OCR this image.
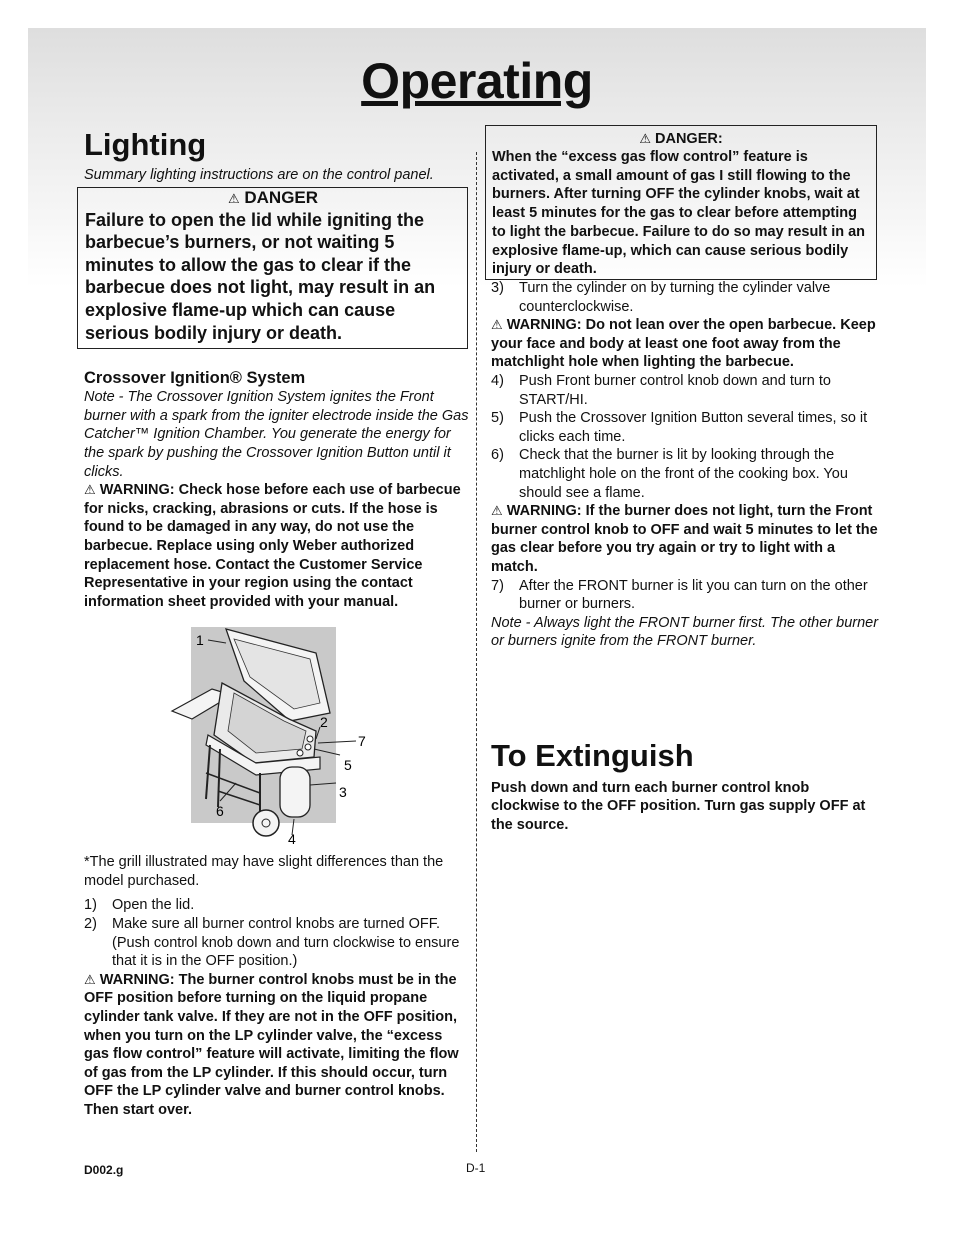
Operating
Lighting

Summary lighting instructions are on the control panel.

⚠ DANGER
Failure to open the lid while igniting the barbecue’s burners, or not waiting 5 minutes to allow the gas to clear if the barbecue does not light, may result in an explosive flame-up which can cause serious bodily injury or death.
Crossover Ignition® System

Note - The Crossover Ignition System ignites the Front burner with a spark from the igniter electrode inside the Gas Catcher™ Ignition Chamber. You generate the energy for the spark by pushing the Crossover Ignition Button until it clicks.

⚠ WARNING: Check hose before each use of barbecue for nicks, cracking, abrasions or cuts. If the hose is found to be damaged in any way, do not use the barbecue. Replace using only Weber authorized replacement hose. Contact the Customer Service Representative in your region using the contact information sheet provided with your manual.

1
2
7
5
3
6
4

*The grill illustrated may have slight differences than the model purchased.

1) Open the lid.
2) Make sure all burner control knobs are turned OFF. (Push control knob down and turn clockwise to ensure that it is in the OFF position.)

⚠ WARNING: The burner control knobs must be in the OFF position before turning on the liquid propane cylinder tank valve. If they are not in the OFF position, when you turn on the LP cylinder valve, the “excess gas flow control” feature will activate, limiting the flow of gas from the LP cylinder. If this should occur, turn OFF the LP cylinder valve and burner control knobs. Then start over.

⚠ DANGER:
When the “excess gas flow control” feature is activated, a small amount of gas I still flowing to the burners. After turning OFF the cylinder knobs, wait at least 5 minutes for the gas to clear before attempting to light the barbecue. Failure to do so may result in an explosive flame-up, which can cause serious bodily injury or death.
3) Turn the cylinder on by turning the cylinder valve counterclockwise.

⚠ WARNING: Do not lean over the open barbecue. Keep your face and body at least one foot away from the matchlight hole when lighting the barbecue.

4) Push Front burner control knob down and turn to START/HI.
5) Push the Crossover Ignition Button several times, so it clicks each time.
6) Check that the burner is lit by looking through the matchlight hole on the front of the cooking box. You should see a flame.

⚠ WARNING: If the burner does not light, turn the Front burner control knob to OFF and wait 5 minutes to let the gas clear before you try again or try to light with a match.

7) After the FRONT burner is lit you can turn on the other burner or burners.

Note - Always light the FRONT burner first. The other burner or burners ignite from the FRONT burner.

To Extinguish

Push down and turn each burner control knob clockwise to the OFF position. Turn gas supply OFF at the source.

D002.g	D-1
